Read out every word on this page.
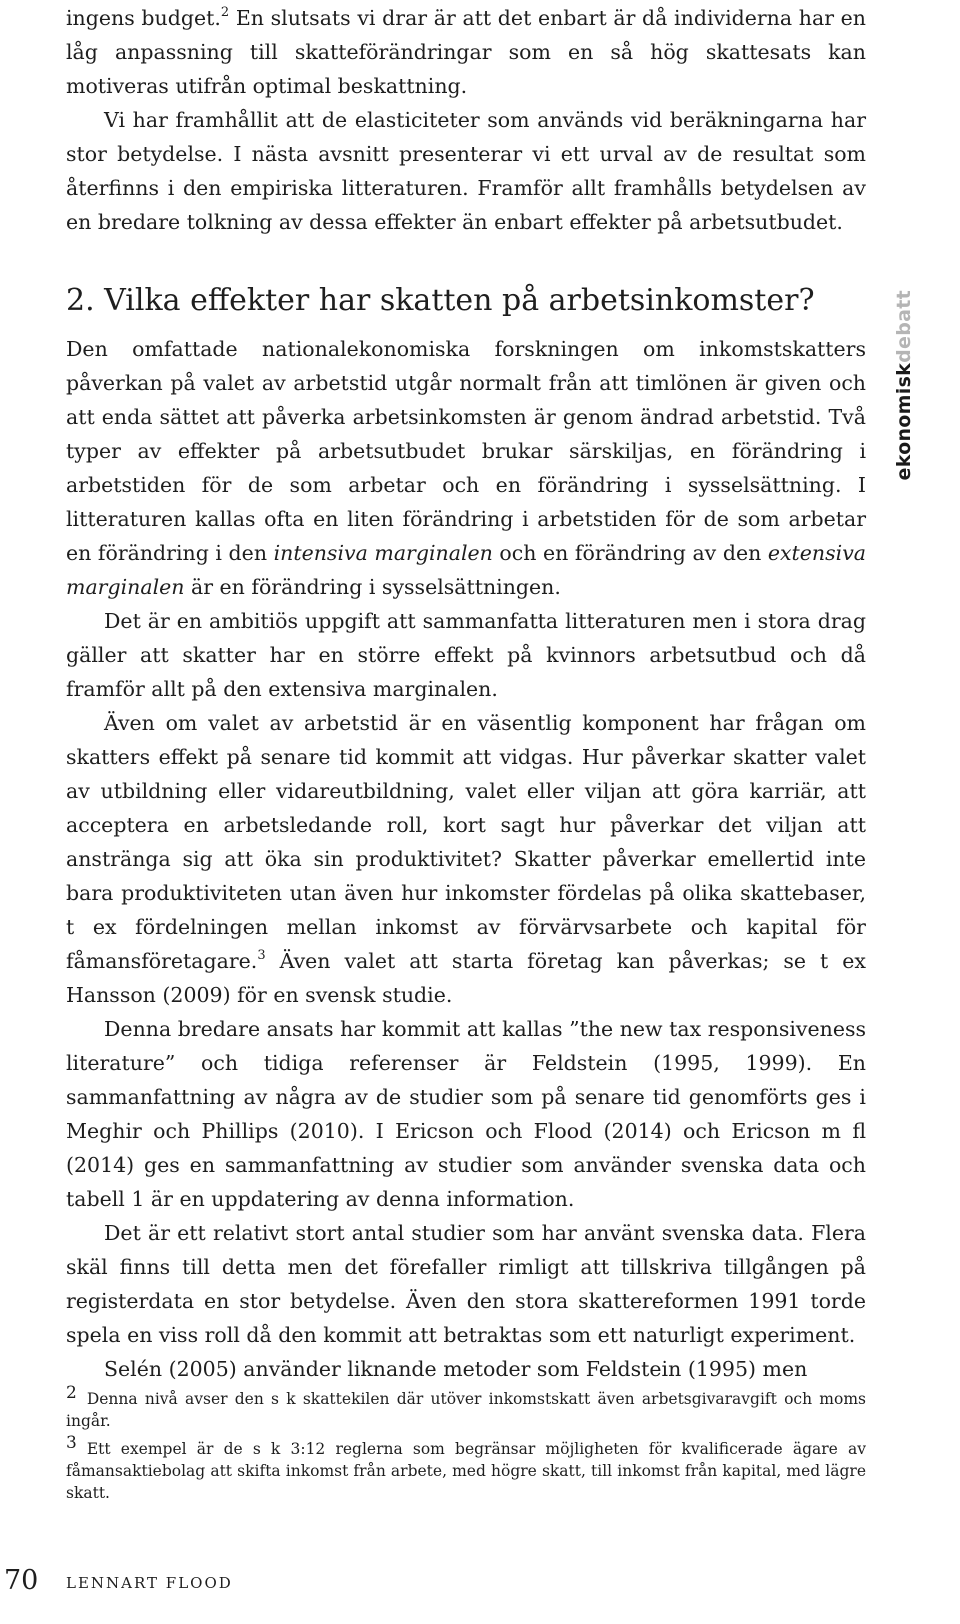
ingens budget.$^2$ En slutsats vi drar är att det enbart är då individerna har en låg anpassning till skatteförändringar som en så hög skattesats kan motiveras utifrån optimal beskattning.

Vi har framhållit att de elasticiteter som används vid beräkningarna har stor betydelse. I nästa avsnitt presenterar vi ett urval av de resultat som återfinns i den empiriska litteraturen. Framför allt framhålls betydelsen av en bredare tolkning av dessa effekter än enbart effekter på arbetsutbudet.

2. Vilka effekter har skatten på arbetsinkomster?

Den omfattade nationalekonomiska forskningen om inkomstskatters påverkan på valet av arbetstid utgår normalt från att timlönen är given och att enda sättet att påverka arbetsinkomsten är genom ändrad arbetstid. Två typer av effekter på arbetsutbudet brukar särskiljas, en förändring i arbetstiden för de som arbetar och en förändring i sysselsättning. I litteraturen kallas ofta en liten förändring i arbetstiden för de som arbetar en förändring i den intensiva marginalen och en förändring av den extensiva marginalen är en förändring i sysselsättningen.

Det är en ambitiös uppgift att sammanfatta litteraturen men i stora drag gäller att skatter har en större effekt på kvinnors arbetsutbud och då framför allt på den extensiva marginalen.

Även om valet av arbetstid är en väsentlig komponent har frågan om skatters effekt på senare tid kommit att vidgas. Hur påverkar skatter valet av utbildning eller vidareutbildning, valet eller viljan att göra karriär, att acceptera en arbetsledande roll, kort sagt hur påverkar det viljan att anstränga sig att öka sin produktivitet? Skatter påverkar emellertid inte bara produktiviteten utan även hur inkomster fördelas på olika skattebaser, t ex fördelningen mellan inkomst av förvärvsarbete och kapital för fåmansföretagare.$^3$ Även valet att starta företag kan påverkas; se t ex Hansson (2009) för en svensk studie.

Denna bredare ansats har kommit att kallas ”the new tax responsiveness literature” och tidiga referenser är Feldstein (1995, 1999). En sammanfattning av några av de studier som på senare tid genomförts ges i Meghir och Phillips (2010). I Ericson och Flood (2014) och Ericson m fl (2014) ges en sammanfattning av studier som använder svenska data och tabell 1 är en uppdatering av denna information.

Det är ett relativt stort antal studier som har använt svenska data. Flera skäl finns till detta men det förefaller rimligt att tillskriva tillgången på registerdata en stor betydelse. Även den stora skattereformen 1991 torde spela en viss roll då den kommit att betraktas som ett naturligt experiment.

Selén (2005) använder liknande metoder som Feldstein (1995) men

2 Denna nivå avser den s k skattekilen där utöver inkomstskatt även arbetsgivaravgift och moms ingår.

3 Ett exempel är de s k 3:12 reglerna som begränsar möjligheten för kvalificerade ägare av fåmansaktiebolag att skifta inkomst från arbete, med högre skatt, till inkomst från kapital, med lägre skatt.

ekonomiskdebatt
70 LENNART FLOOD
